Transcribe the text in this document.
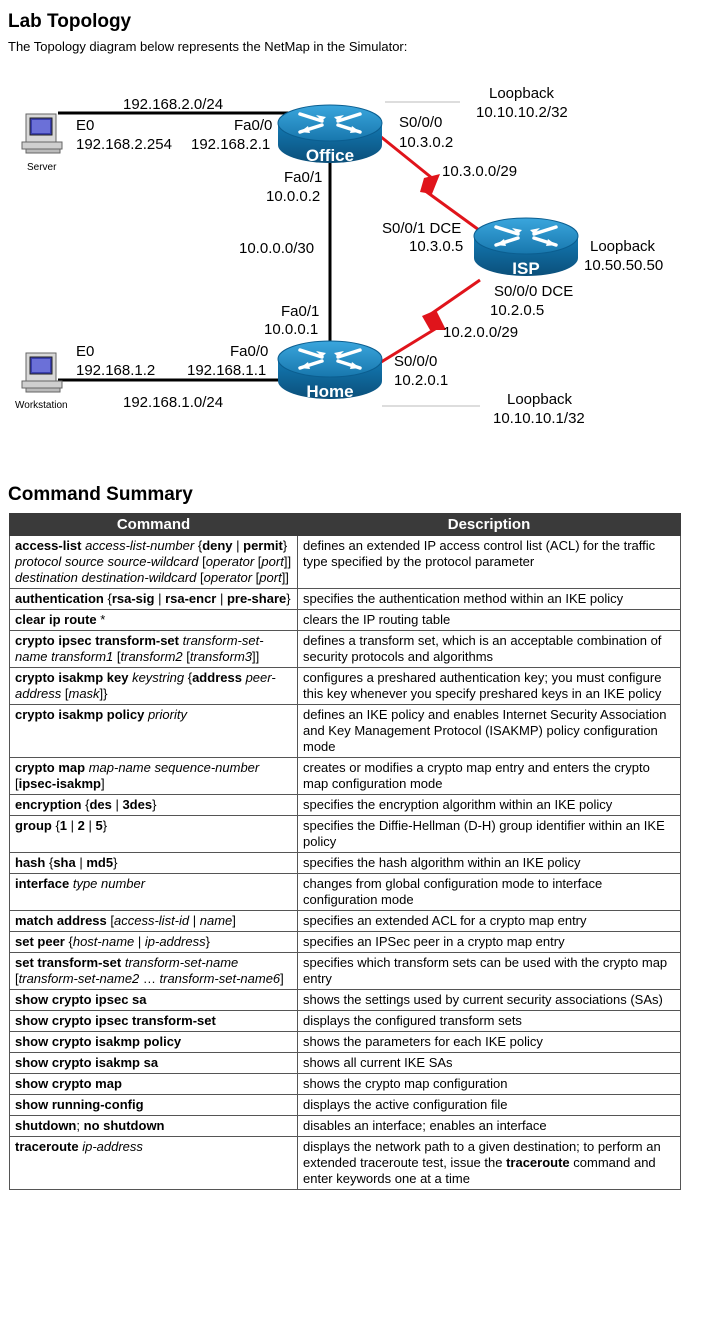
Lab Topology
The Topology diagram below represents the NetMap in the Simulator:
Office
ISP
Home
Server
Workstation
192.168.2.0/24
E0
192.168.2.254
Fa0/0
192.168.2.1
Loopback
10.10.10.2/32
S0/0/0
10.3.0.2
10.3.0.0/29
Fa0/1
10.0.0.2
10.0.0.0/30
S0/0/1 DCE
10.3.0.5	Loopback
10.50.50.50
S0/0/0 DCE
10.2.0.5
10.2.0.0/29
Fa0/1
10.0.0.1
E0
192.168.1.2
Fa0/0
192.168.1.1
S0/0/0
10.2.0.1
192.168.1.0/24	Loopback
10.10.10.1/32
Command Summary
Command	Description
access-list access-list-number {deny | permit} protocol source source-wildcard [operator [port]] destination destination-wildcard [operator [port]]	defines an extended IP access control list (ACL) for the traffic type specified by the protocol parameter
authentication {rsa-sig | rsa-encr | pre-share}	specifies the authentication method within an IKE policy
clear ip route *	clears the IP routing table
crypto ipsec transform-set transform-set-name transform1 [transform2 [transform3]]	defines a transform set, which is an acceptable combination of security protocols and algorithms
crypto isakmp key keystring {address peer-address [mask]}	configures a preshared authentication key; you must configure this key whenever you specify preshared keys in an IKE policy
crypto isakmp policy priority	defines an IKE policy and enables Internet Security Association and Key Management Protocol (ISAKMP) policy configuration mode
crypto map map-name sequence-number [ipsec-isakmp]	creates or modifies a crypto map entry and enters the crypto map configuration mode
encryption {des | 3des}	specifies the encryption algorithm within an IKE policy
group {1 | 2 | 5}	specifies the Diffie-Hellman (D-H) group identifier within an IKE policy
hash {sha | md5}	specifies the hash algorithm within an IKE policy
interface type number	changes from global configuration mode to interface configuration mode
match address [access-list-id | name]	specifies an extended ACL for a crypto map entry
set peer {host-name | ip-address}	specifies an IPSec peer in a crypto map entry
set transform-set transform-set-name [transform-set-name2 … transform-set-name6]	specifies which transform sets can be used with the crypto map entry
show crypto ipsec sa	shows the settings used by current security associations (SAs)
show crypto ipsec transform-set	displays the configured transform sets
show crypto isakmp policy	shows the parameters for each IKE policy
show crypto isakmp sa	shows all current IKE SAs
show crypto map	shows the crypto map configuration
show running-config	displays the active configuration file
shutdown; no shutdown	disables an interface; enables an interface
traceroute ip-address	displays the network path to a given destination; to perform an extended traceroute test, issue the traceroute command and enter keywords one at a time
